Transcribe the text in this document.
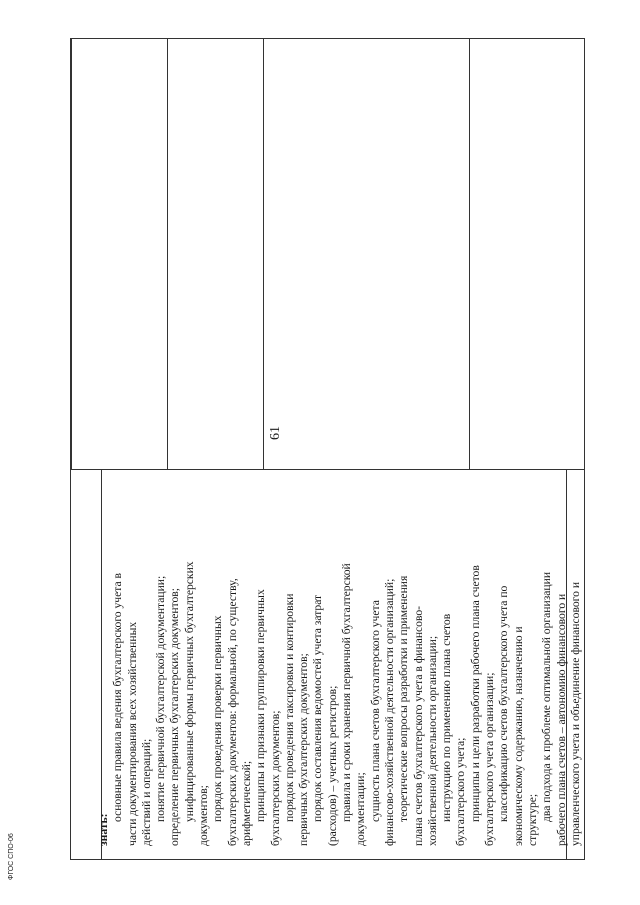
61
знать:
основные правила ведения бухгалтерского учета в части документирования всех хозяйственных действий и операций; понятие первичной бухгалтерской документации; определение первичных бухгалтерских документов; унифицированные формы первичных бухгалтерских документов; порядок проведения проверки первичных бухгалтерских документов: формальной, по существу, арифметической; принципы и признаки группировки первичных бухгалтерских документов; порядок проведения таксировки и контировки первичных бухгалтерских документов; порядок составления ведомостей учета затрат (расходов) – учетных регистров; правила и сроки хранения первичной бухгалтерской документации; сущность плана счетов бухгалтерского учета финансово-хозяйственной деятельности организаций; теоретические вопросы разработки и применения плана счетов бухгалтерского учета в финансово- хозяйственной деятельности организации; инструкцию по применению плана счетов бухгалтерского учета; принципы и цели разработки рабочего плана счетов бухгалтерского учета организации; классификацию счетов бухгалтерского учета по экономическому содержанию, назначению и структуре; два подхода к проблеме оптимальной организации рабочего плана счетов – автономию финансового и управленческого учета и объединение финансового и
ФГОС СПО-06
